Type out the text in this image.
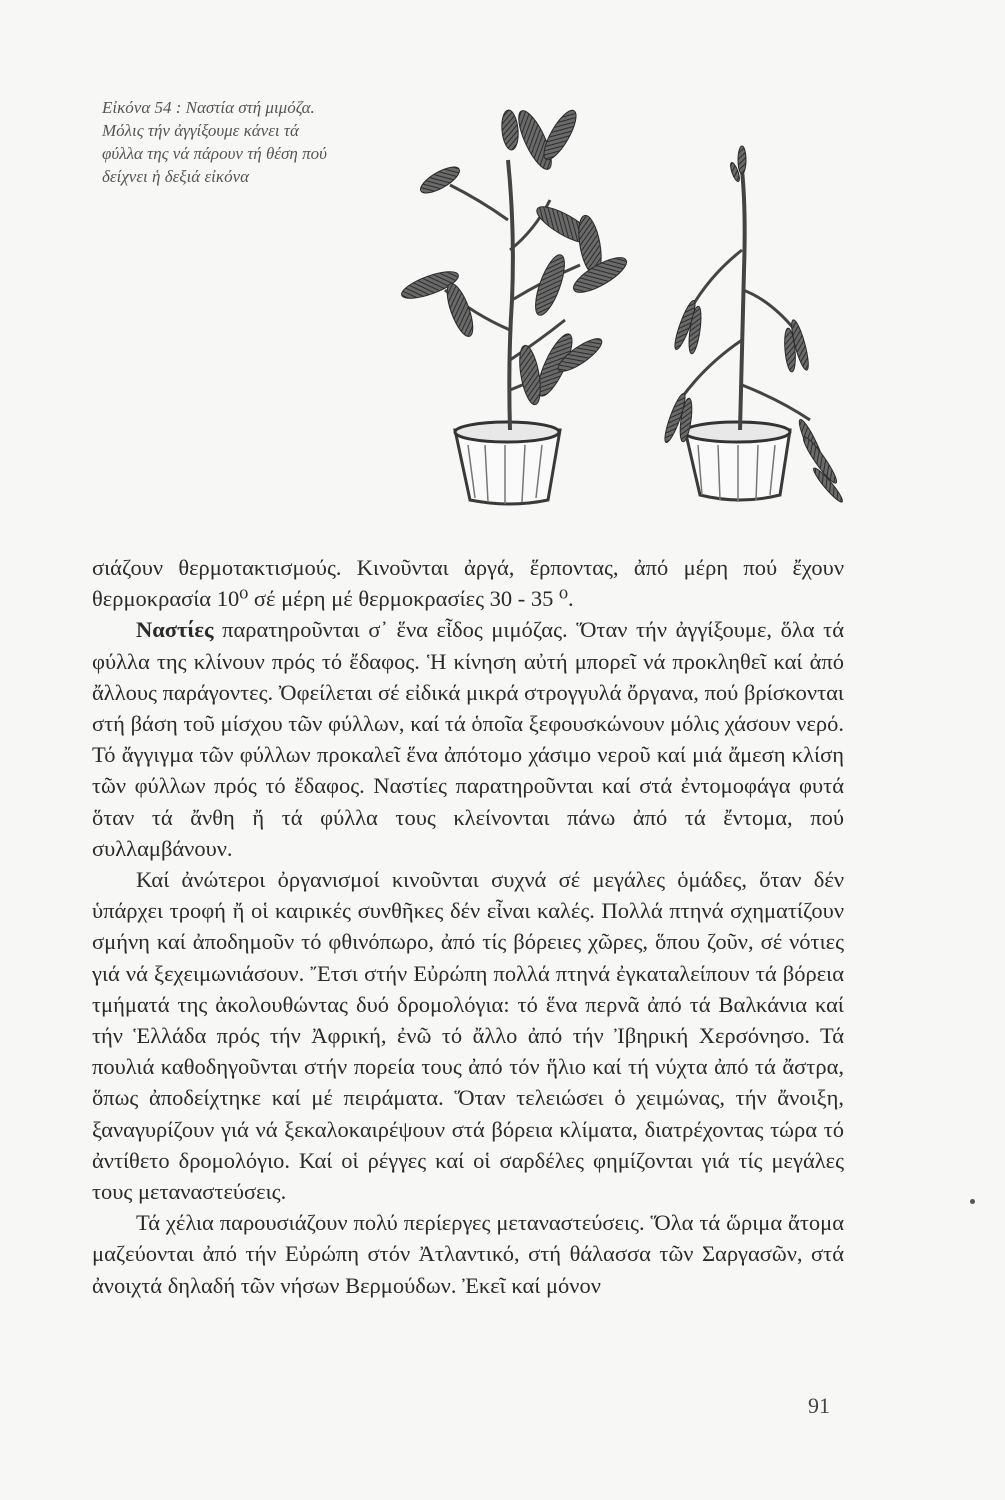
Εἰκόνα 54 : Ναστία στή μιμόζα. Μόλις τήν ἀγγίξουμε κάνει τά φύλλα της νά πάρουν τή θέση πού δείχνει ἡ δεξιά εἰκόνα

σιάζουν θερμοτακτισμούς. Κινοῦνται ἀργά, ἕρποντας, ἀπό μέρη πού ἔχουν θερμοκρασία 10⁰ σέ μέρη μέ θερμοκρασίες 30 - 35 ⁰.

Ναστίες παρατηροῦνται σ᾽ ἕνα εἶδος μιμόζας. Ὅταν τήν ἀγγίξουμε, ὅλα τά φύλλα της κλίνουν πρός τό ἔδαφος. Ἡ κίνηση αὐτή μπορεῖ νά προκληθεῖ καί ἀπό ἄλλους παράγοντες. Ὀφείλεται σέ εἰδικά μικρά στρογγυλά ὄργανα, πού βρίσκονται στή βάση τοῦ μίσχου τῶν φύλλων, καί τά ὁποῖα ξεφουσκώνουν μόλις χάσουν νερό. Τό ἄγγιγμα τῶν φύλλων προκαλεῖ ἕνα ἀπότομο χάσιμο νεροῦ καί μιά ἄμεση κλίση τῶν φύλλων πρός τό ἔδαφος. Ναστίες παρατηροῦνται καί στά ἐντομοφάγα φυτά ὅταν τά ἄνθη ἤ τά φύλλα τους κλείνονται πάνω ἀπό τά ἔντομα, πού συλλαμβάνουν.

Καί ἀνώτεροι ὀργανισμοί κινοῦνται συχνά σέ μεγάλες ὁμάδες, ὅταν δέν ὑπάρχει τροφή ἤ οἱ καιρικές συνθῆκες δέν εἶναι καλές. Πολλά πτηνά σχηματίζουν σμήνη καί ἀποδημοῦν τό φθινόπωρο, ἀπό τίς βόρειες χῶρες, ὅπου ζοῦν, σέ νότιες γιά νά ξεχειμωνιάσουν. Ἔτσι στήν Εὐρώπη πολλά πτηνά ἐγκαταλείπουν τά βόρεια τμήματά της ἀκολουθώντας δυό δρομολόγια: τό ἕνα περνᾶ ἀπό τά Βαλκάνια καί τήν Ἑλλάδα πρός τήν Ἀφρική, ἐνῶ τό ἄλλο ἀπό τήν Ἰβηρική Χερσόνησο. Τά πουλιά καθοδηγοῦνται στήν πορεία τους ἀπό τόν ἥλιο καί τή νύχτα ἀπό τά ἄστρα, ὅπως ἀποδείχτηκε καί μέ πειράματα. Ὅταν τελειώσει ὁ χειμώνας, τήν ἄνοιξη, ξαναγυρίζουν γιά νά ξεκαλοκαιρέψουν στά βόρεια κλίματα, διατρέχοντας τώρα τό ἀντίθετο δρομολόγιο. Καί οἱ ρέγγες καί οἱ σαρδέλες φημίζονται γιά τίς μεγάλες τους μεταναστεύσεις.

Τά χέλια παρουσιάζουν πολύ περίεργες μεταναστεύσεις. Ὅλα τά ὥριμα ἄτομα μαζεύονται ἀπό τήν Εὐρώπη στόν Ἀτλαντικό, στή θάλασσα τῶν Σαργασῶν, στά ἀνοιχτά δηλαδή τῶν νήσων Βερμούδων. Ἐκεῖ καί μόνον

91
